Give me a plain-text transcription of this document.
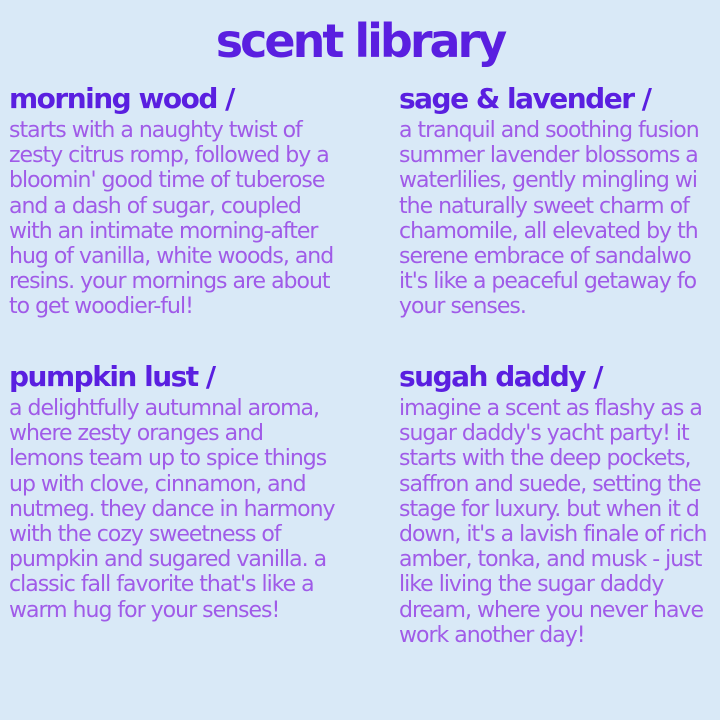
scent library
morning wood /

starts with a naughty twist of
zesty citrus romp, followed by a
bloomin' good time of tuberose
and a dash of sugar, coupled
with an intimate morning-after
hug of vanilla, white woods, and
resins. your mornings are about
to get woodier-ful!

sage & lavender /

a tranquil and soothing fusion
summer lavender blossoms a
waterlilies, gently mingling wi
the naturally sweet charm of
chamomile, all elevated by th
serene embrace of sandalwo
it's like a peaceful getaway fo
your senses.

pumpkin lust /

a delightfully autumnal aroma,
where zesty oranges and
lemons team up to spice things
up with clove, cinnamon, and
nutmeg. they dance in harmony
with the cozy sweetness of
pumpkin and sugared vanilla. a
classic fall favorite that's like a
warm hug for your senses!

sugah daddy /

imagine a scent as flashy as a
sugar daddy's yacht party! it
starts with the deep pockets,
saffron and suede, setting the
stage for luxury. but when it d
down, it's a lavish finale of rich
amber, tonka, and musk - just
like living the sugar daddy
dream, where you never have
work another day!
